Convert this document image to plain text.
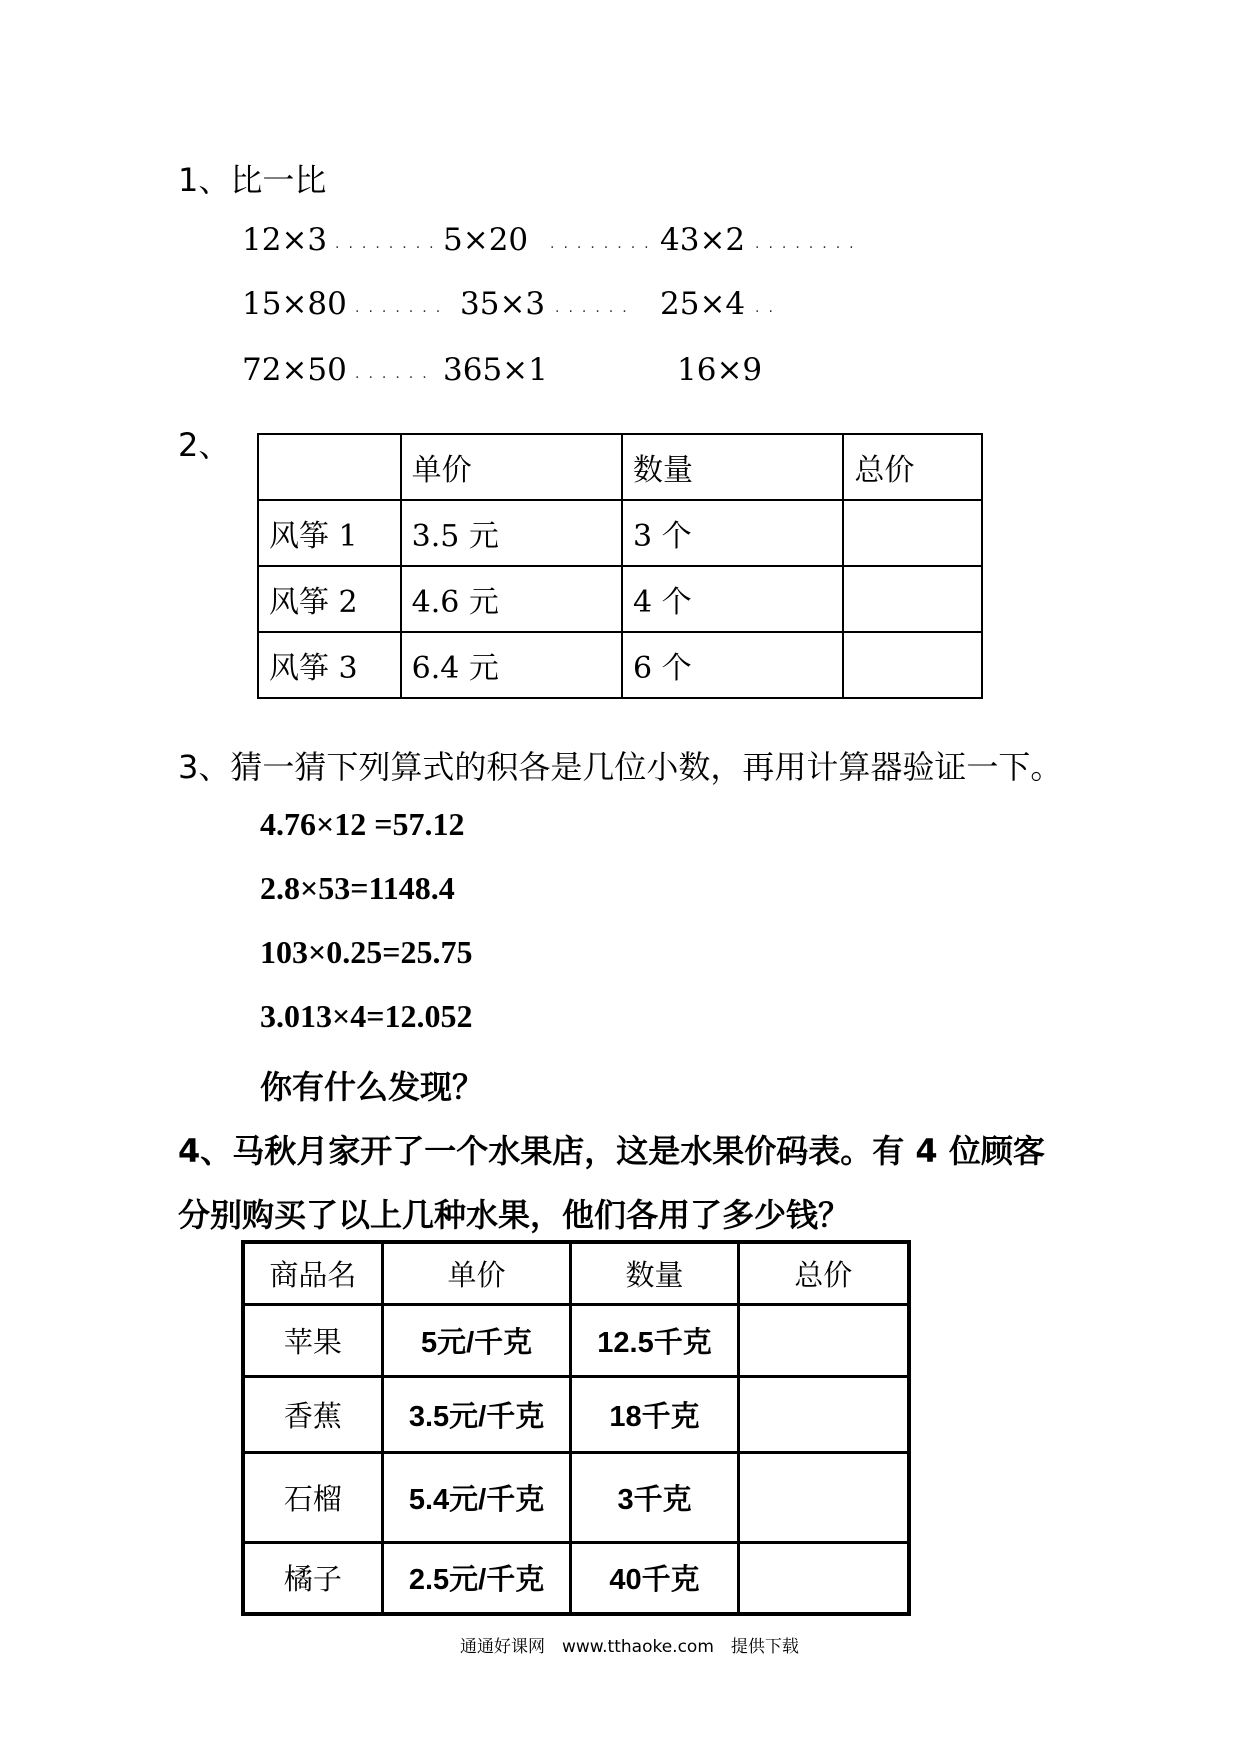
1、比一比
12×3 ........ 5×20 ........ 43×2 ........
15×80 ....... 35×3 ...... 25×4 ..
72×50 ...... 365×1	16×9
2、
	单价	数量	总价
风筝 1	3.5 元	3 个	
风筝 2	4.6 元	4 个	
风筝 3	6.4 元	6 个	
3、猜一猜下列算式的积各是几位小数，再用计算器验证一下。
4.76×12 =57.12
2.8×53=1148.4
103×0.25=25.75
3.013×4=12.052
你有什么发现？
4、马秋月家开了一个水果店，这是水果价码表。有 4 位顾客
分别购买了以上几种水果，他们各用了多少钱？
商品名	单价	数量	总价
苹果	5元/千克	12.5千克	
香蕉	3.5元/千克	18千克	
石榴	5.4元/千克	3千克	
橘子	2.5元/千克	40千克	
通通好课网　www.tthaoke.com　提供下载
